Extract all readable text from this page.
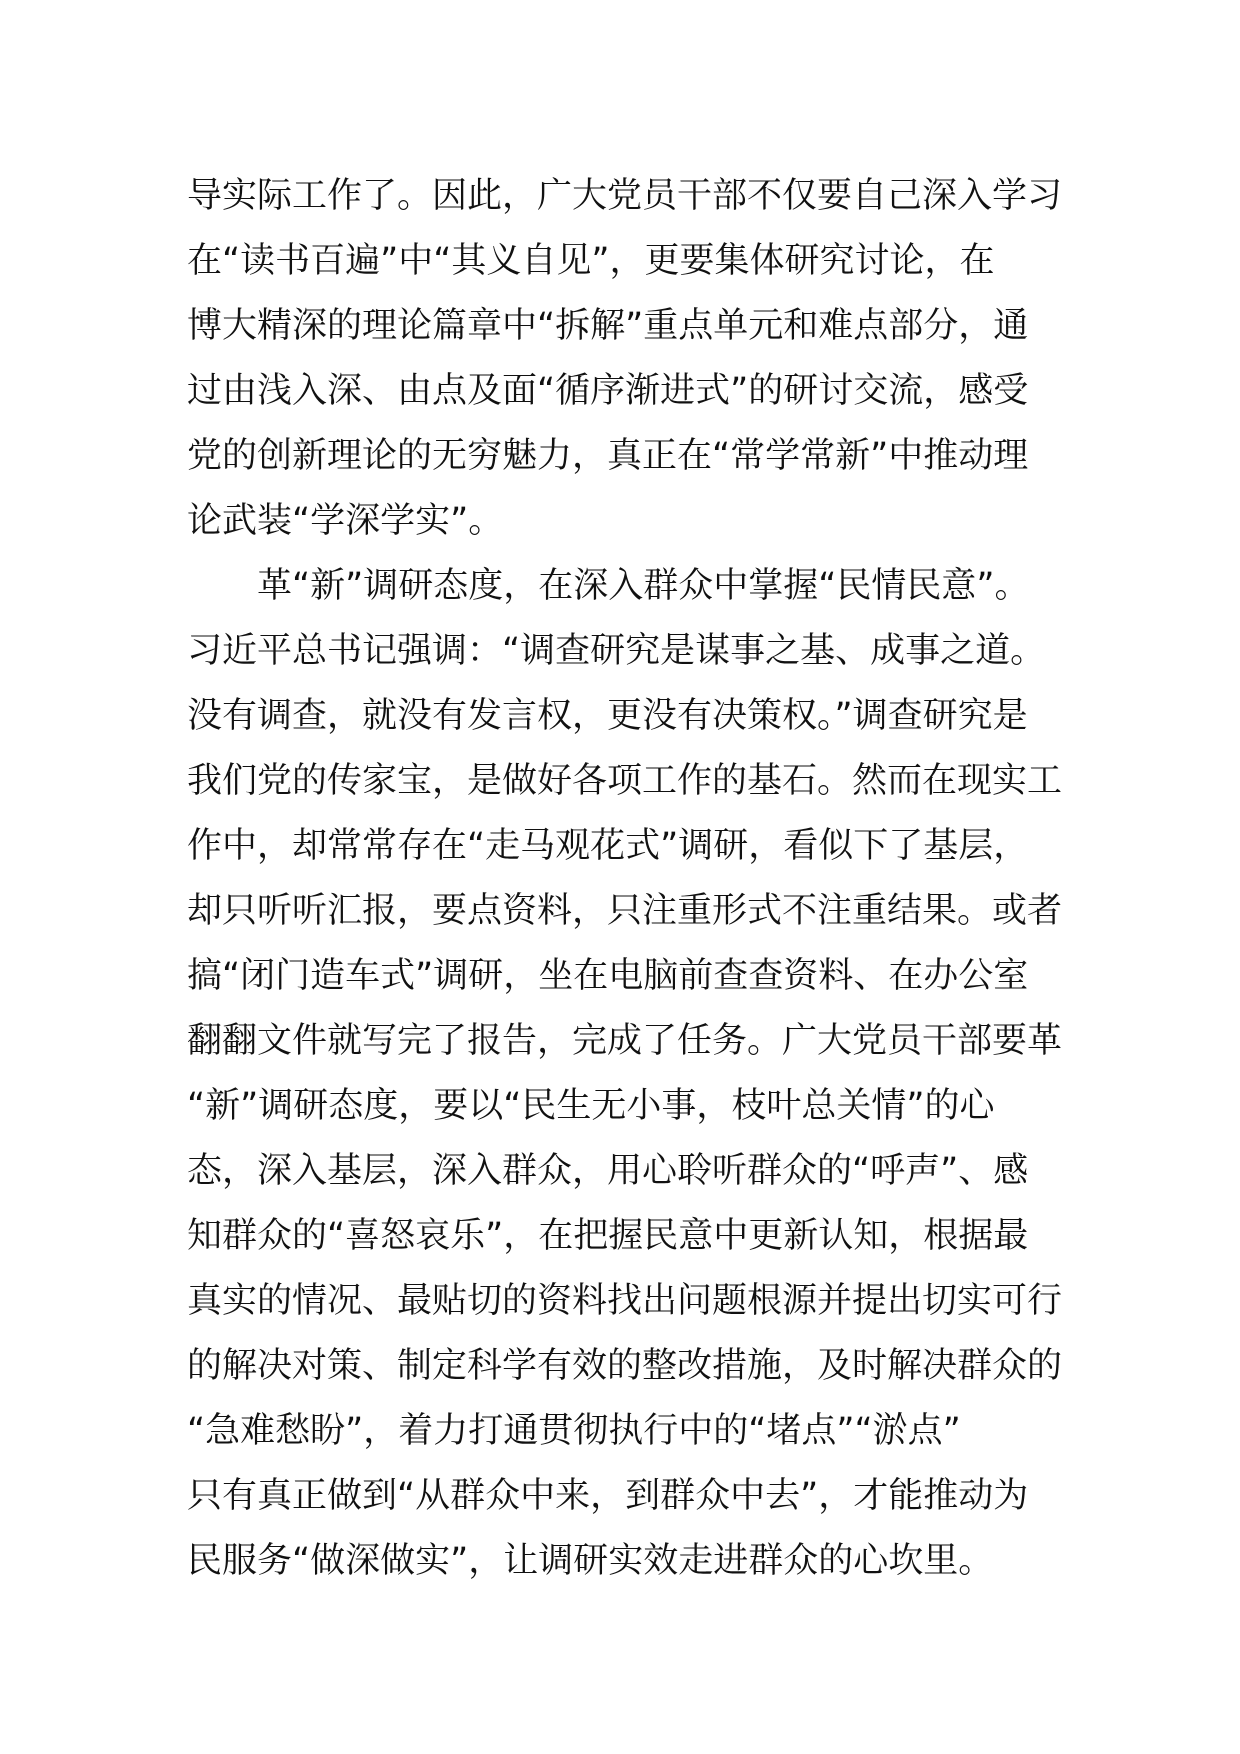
导实际工作了。因此，广大党员干部不仅要自己深入学习
在“读书百遍”中“其义自见”，更要集体研究讨论，在
博大精深的理论篇章中“拆解”重点单元和难点部分，通
过由浅入深、由点及面“循序渐进式”的研讨交流，感受
党的创新理论的无穷魅力，真正在“常学常新”中推动理
论武装“学深学实”。
革“新”调研态度，在深入群众中掌握“民情民意”。
习近平总书记强调：“调查研究是谋事之基、成事之道。
没有调查，就没有发言权，更没有决策权。”调查研究是
我们党的传家宝，是做好各项工作的基石。然而在现实工
作中，却常常存在“走马观花式”调研，看似下了基层，
却只听听汇报，要点资料，只注重形式不注重结果。或者
搞“闭门造车式”调研，坐在电脑前查查资料、在办公室
翻翻文件就写完了报告，完成了任务。广大党员干部要革
“新”调研态度，要以“民生无小事，枝叶总关情”的心
态，深入基层，深入群众，用心聆听群众的“呼声”、感
知群众的“喜怒哀乐”，在把握民意中更新认知，根据最
真实的情况、最贴切的资料找出问题根源并提出切实可行
的解决对策、制定科学有效的整改措施，及时解决群众的
“急难愁盼”，着力打通贯彻执行中的“堵点”“淤点”
只有真正做到“从群众中来，到群众中去”，才能推动为
民服务“做深做实”，让调研实效走进群众的心坎里。
